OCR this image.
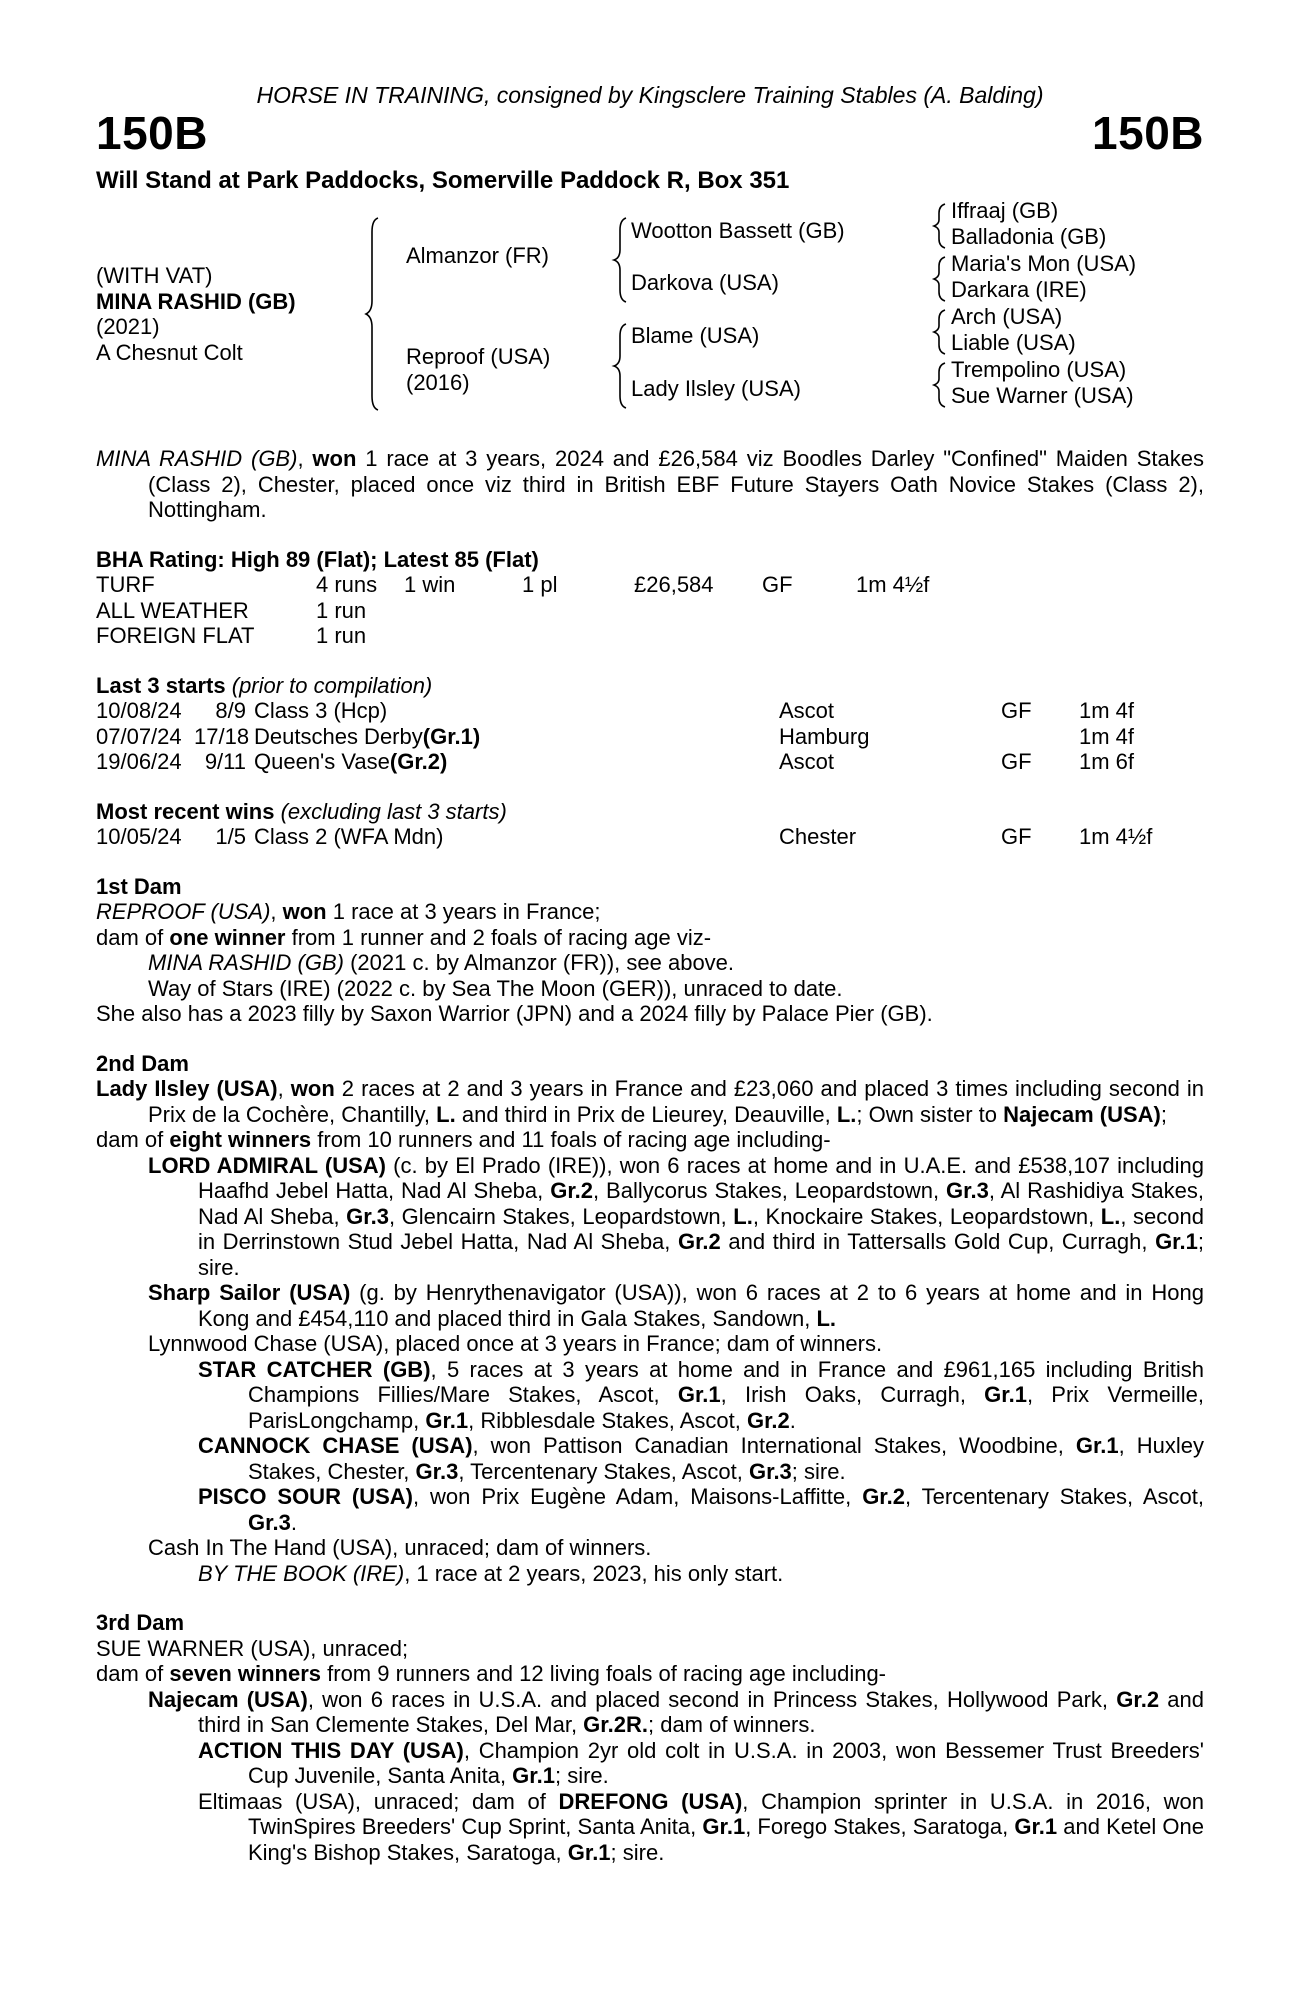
HORSE IN TRAINING, consigned by Kingsclere Training Stables (A. Balding)
150B	150B
Will Stand at Park Paddocks, Somerville Paddock R, Box 351
(WITH VAT)
MINA RASHID (GB)
(2021)
A Chesnut Colt
Almanzor (FR)
Reproof (USA)
(2016)
Wootton Bassett (GB)
Darkova (USA)
Blame (USA)
Lady Ilsley (USA)
Iffraaj (GB)
Balladonia (GB)
Maria's Mon (USA)
Darkara (IRE)
Arch (USA)
Liable (USA)
Trempolino (USA)
Sue Warner (USA)
MINA RASHID (GB), won 1 race at 3 years, 2024 and £26,584 viz Boodles Darley "Confined" Maiden Stakes (Class 2), Chester, placed once viz third in British EBF Future Stayers Oath Novice Stakes (Class 2), Nottingham.
BHA Rating: High 89 (Flat); Latest 85 (Flat)
TURF	4 runs	1 win	1 pl	£26,584	GF	1m 4½f
ALL WEATHER	1 run
FOREIGN FLAT	1 run
Last 3 starts (prior to compilation)
10/08/24	8/9 Class 3 (Hcp)	Ascot	GF	1m 4f
07/07/24 17/18 Deutsches Derby(Gr.1)	Hamburg	1m 4f
19/06/24	9/11 Queen's Vase(Gr.2)	Ascot	GF	1m 6f
Most recent wins (excluding last 3 starts)
10/05/24	1/5 Class 2 (WFA Mdn)	Chester	GF	1m 4½f
1st Dam
REPROOF (USA), won 1 race at 3 years in France;
dam of one winner from 1 runner and 2 foals of racing age viz-
MINA RASHID (GB) (2021 c. by Almanzor (FR)), see above.
Way of Stars (IRE) (2022 c. by Sea The Moon (GER)), unraced to date.
She also has a 2023 filly by Saxon Warrior (JPN) and a 2024 filly by Palace Pier (GB).
2nd Dam
Lady Ilsley (USA), won 2 races at 2 and 3 years in France and £23,060 and placed 3 times including second in Prix de la Cochère, Chantilly, L. and third in Prix de Lieurey, Deauville, L.; Own sister to Najecam (USA);
dam of eight winners from 10 runners and 11 foals of racing age including-
LORD ADMIRAL (USA) (c. by El Prado (IRE)), won 6 races at home and in U.A.E. and £538,107 including Haafhd Jebel Hatta, Nad Al Sheba, Gr.2, Ballycorus Stakes, Leopardstown, Gr.3, Al Rashidiya Stakes, Nad Al Sheba, Gr.3, Glencairn Stakes, Leopardstown, L., Knockaire Stakes, Leopardstown, L., second in Derrinstown Stud Jebel Hatta, Nad Al Sheba, Gr.2 and third in Tattersalls Gold Cup, Curragh, Gr.1; sire.
Sharp Sailor (USA) (g. by Henrythenavigator (USA)), won 6 races at 2 to 6 years at home and in Hong Kong and £454,110 and placed third in Gala Stakes, Sandown, L.
Lynnwood Chase (USA), placed once at 3 years in France; dam of winners.
STAR CATCHER (GB), 5 races at 3 years at home and in France and £961,165 including British Champions Fillies/Mare Stakes, Ascot, Gr.1, Irish Oaks, Curragh, Gr.1, Prix Vermeille, ParisLongchamp, Gr.1, Ribblesdale Stakes, Ascot, Gr.2.
CANNOCK CHASE (USA), won Pattison Canadian International Stakes, Woodbine, Gr.1, Huxley Stakes, Chester, Gr.3, Tercentenary Stakes, Ascot, Gr.3; sire.
PISCO SOUR (USA), won Prix Eugène Adam, Maisons-Laffitte, Gr.2, Tercentenary Stakes, Ascot, Gr.3.
Cash In The Hand (USA), unraced; dam of winners.
BY THE BOOK (IRE), 1 race at 2 years, 2023, his only start.
3rd Dam
SUE WARNER (USA), unraced;
dam of seven winners from 9 runners and 12 living foals of racing age including-
Najecam (USA), won 6 races in U.S.A. and placed second in Princess Stakes, Hollywood Park, Gr.2 and third in San Clemente Stakes, Del Mar, Gr.2R.; dam of winners.
ACTION THIS DAY (USA), Champion 2yr old colt in U.S.A. in 2003, won Bessemer Trust Breeders' Cup Juvenile, Santa Anita, Gr.1; sire.
Eltimaas (USA), unraced; dam of DREFONG (USA), Champion sprinter in U.S.A. in 2016, won TwinSpires Breeders' Cup Sprint, Santa Anita, Gr.1, Forego Stakes, Saratoga, Gr.1 and Ketel One King's Bishop Stakes, Saratoga, Gr.1; sire.
